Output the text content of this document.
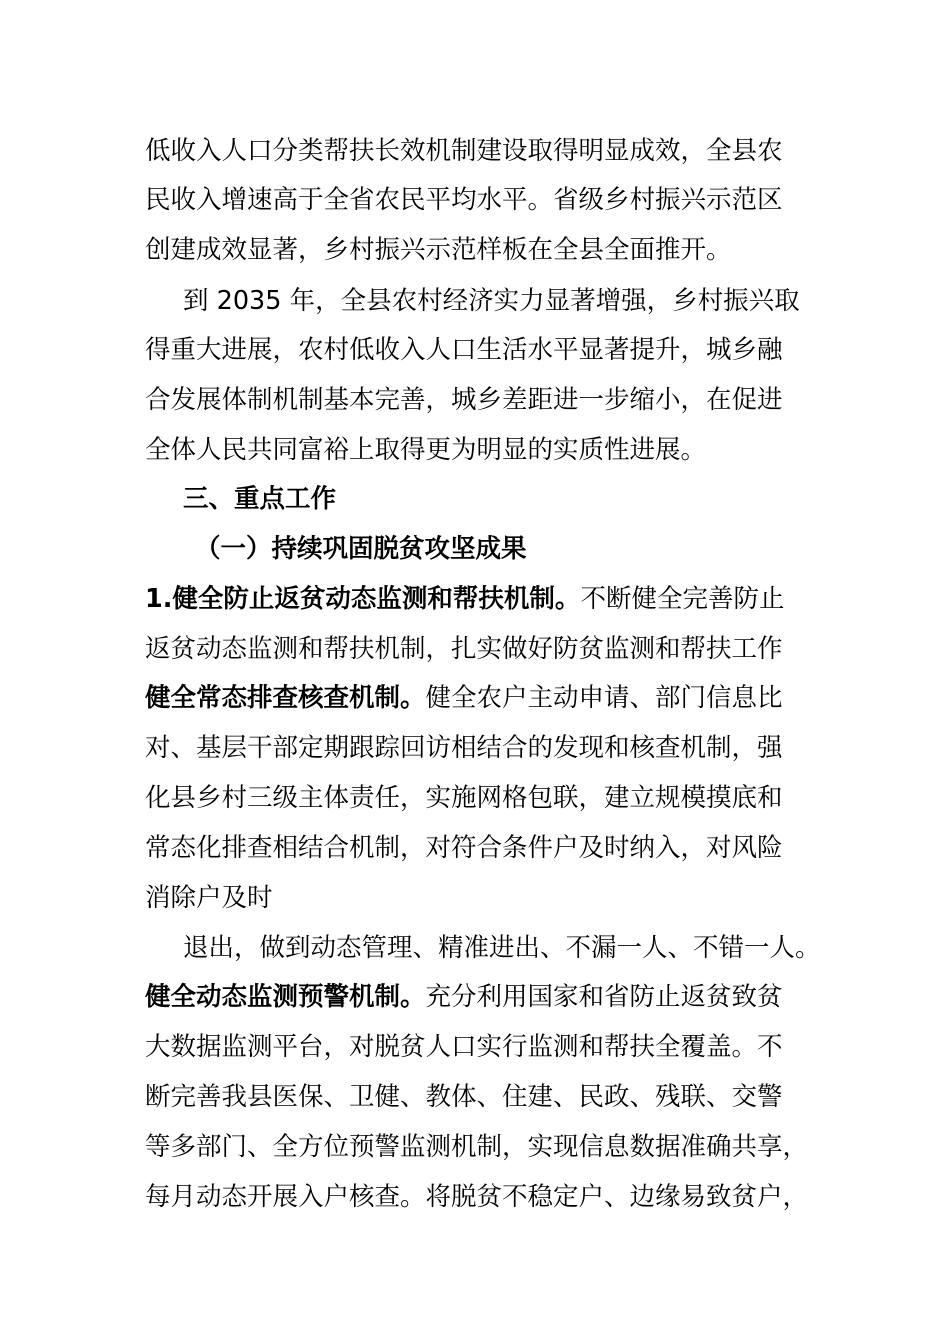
低收入人口分类帮扶长效机制建设取得明显成效，全县农
民收入增速高于全省农民平均水平。省级乡村振兴示范区
创建成效显著，乡村振兴示范样板在全县全面推开。
到 2035 年，全县农村经济实力显著增强，乡村振兴取
得重大进展，农村低收入人口生活水平显著提升，城乡融
合发展体制机制基本完善，城乡差距进一步缩小，在促进
全体人民共同富裕上取得更为明显的实质性进展。
三、重点工作
（一）持续巩固脱贫攻坚成果
1.健全防止返贫动态监测和帮扶机制。不断健全完善防止
返贫动态监测和帮扶机制，扎实做好防贫监测和帮扶工作
健全常态排查核查机制。健全农户主动申请、部门信息比
对、基层干部定期跟踪回访相结合的发现和核查机制，强
化县乡村三级主体责任，实施网格包联，建立规模摸底和
常态化排查相结合机制，对符合条件户及时纳入，对风险
消除户及时
退出，做到动态管理、精准进出、不漏一人、不错一人。
健全动态监测预警机制。充分利用国家和省防止返贫致贫
大数据监测平台，对脱贫人口实行监测和帮扶全覆盖。不
断完善我县医保、卫健、教体、住建、民政、残联、交警
等多部门、全方位预警监测机制，实现信息数据准确共享，
每月动态开展入户核查。将脱贫不稳定户、边缘易致贫户，
